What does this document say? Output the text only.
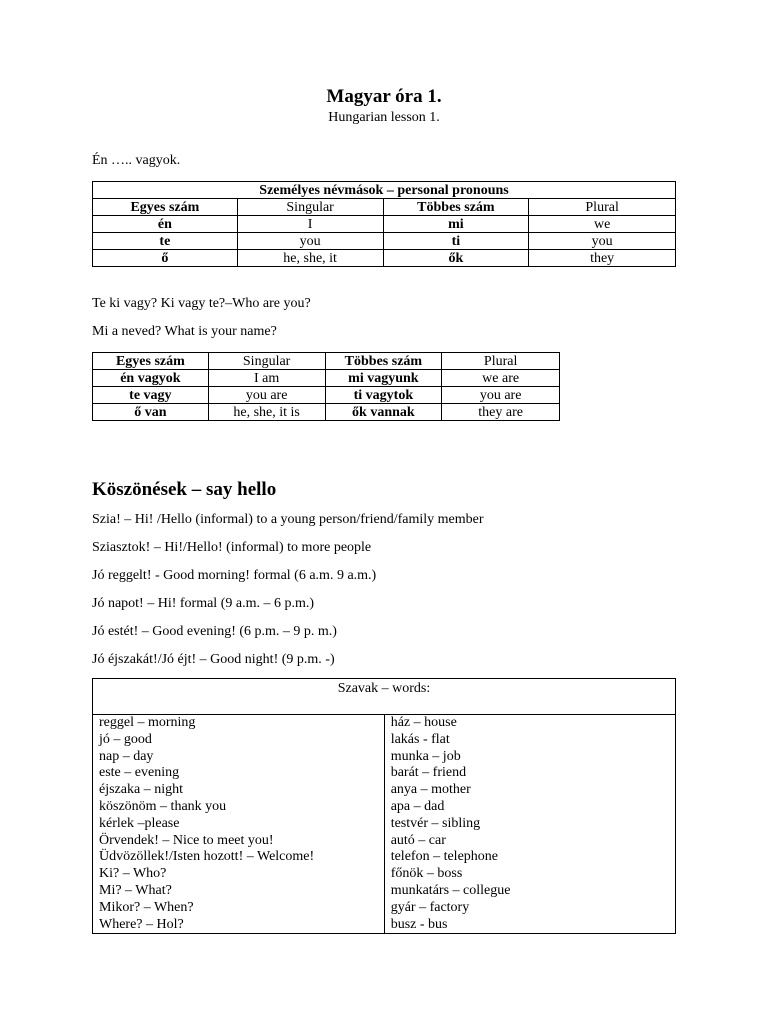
Magyar óra 1.
Hungarian lesson 1.
Én ….. vagyok.
Személyes névmások – personal pronouns			
Egyes szám	Singular	Többes szám	Plural
én	I	mi	we
te	you	ti	you
ő	he, she, it	ők	they
Te ki vagy? Ki vagy te?–Who are you?
Mi a neved? What is your name?
Egyes szám	Singular	Többes szám	Plural
én vagyok	I am	mi vagyunk	we are
te vagy	you are	ti vagytok	you are
ő van	he, she, it is	ők vannak	they are
Köszönések – say hello
Szia! – Hi! /Hello (informal) to a young person/friend/family member
Sziasztok! – Hi!/Hello! (informal) to more people
Jó reggelt! - Good morning! formal (6 a.m. 9 a.m.)
Jó napot! – Hi! formal (9 a.m. – 6 p.m.)
Jó estét! – Good evening! (6 p.m. – 9 p. m.)
Jó éjszakát!/Jó éjt! – Good night! (9 p.m. -)
Szavak – words:

reggel – morning
jó – good
nap – day
este – evening
éjszaka – night
köszönöm – thank you
kérlek –please
Örvendek! – Nice to meet you!
Üdvözöllek!/Isten hozott! – Welcome!
Ki? – Who?
Mi? – What?
Mikor? – When?
Where? – Hol?

ház – house
lakás - flat
munka – job
barát – friend
anya – mother
apa – dad
testvér – sibling
autó – car
telefon – telephone
főnök – boss
munkatárs – collegue
gyár – factory
busz - bus
